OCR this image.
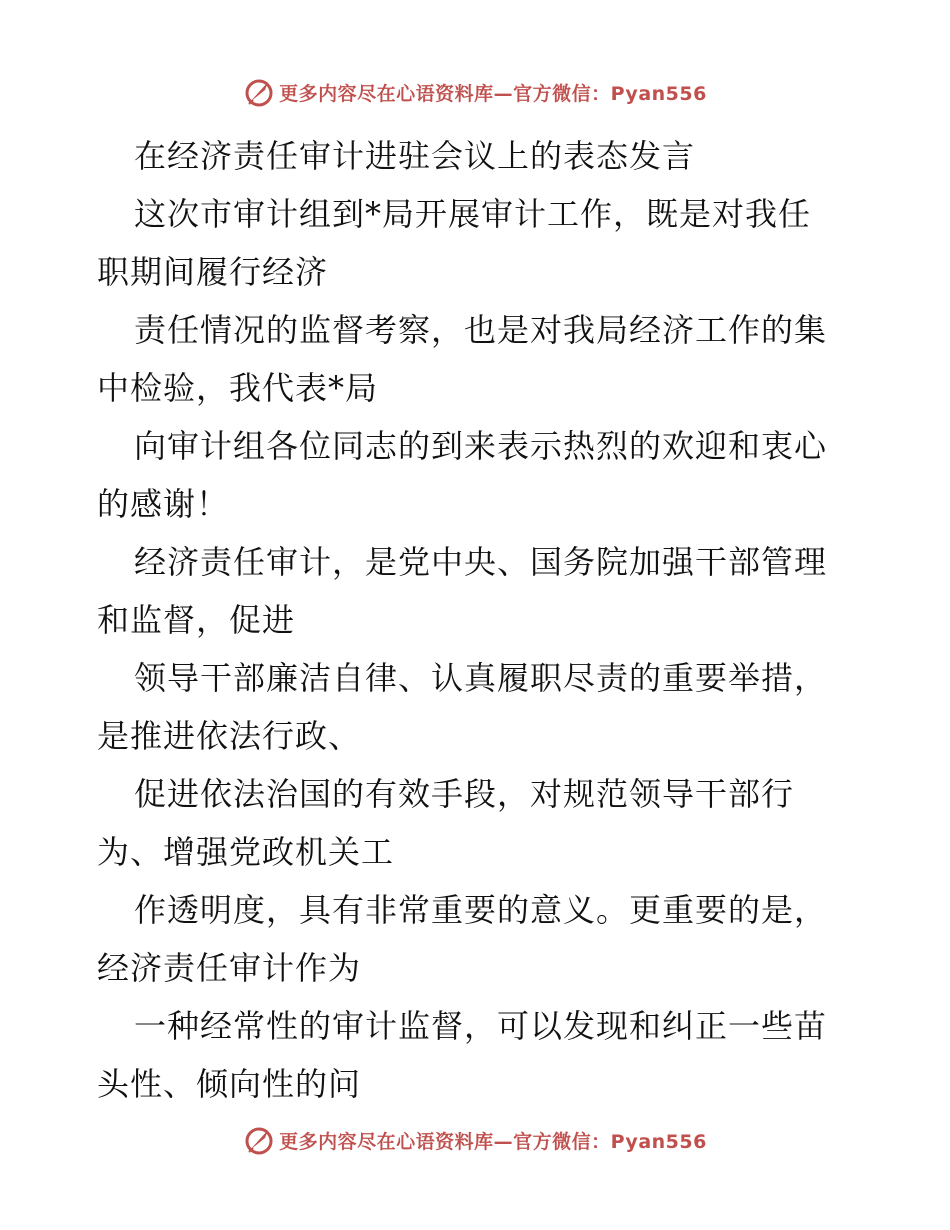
更多内容尽在心语资料库—官方微信：Pyan556
在经济责任审计进驻会议上的表态发言
这次市审计组到*局开展审计工作，既是对我任
职期间履行经济
责任情况的监督考察，也是对我局经济工作的集
中检验，我代表*局
向审计组各位同志的到来表示热烈的欢迎和衷心
的感谢！
经济责任审计，是党中央、国务院加强干部管理
和监督，促进
领导干部廉洁自律、认真履职尽责的重要举措，
是推进依法行政、
促进依法治国的有效手段，对规范领导干部行
为、增强党政机关工
作透明度，具有非常重要的意义。更重要的是，
经济责任审计作为
一种经常性的审计监督，可以发现和纠正一些苗
头性、倾向性的问
更多内容尽在心语资料库—官方微信：Pyan556
